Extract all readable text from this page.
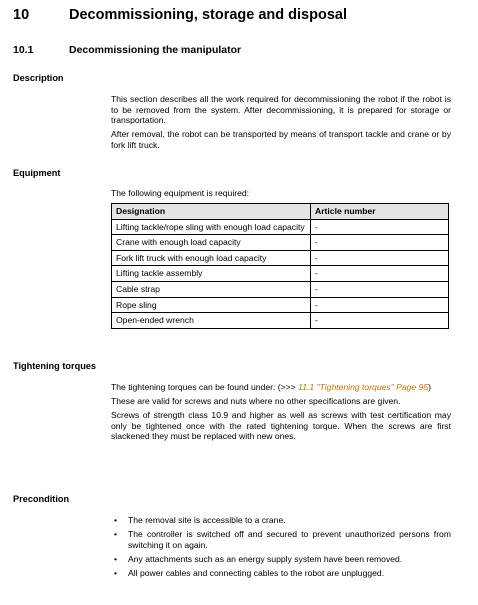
10	Decommissioning, storage and disposal
10.1	Decommissioning the manipulator
Description

This section describes all the work required for decommissioning the robot if the robot is to be removed from the system. After decommissioning, it is prepared for storage or transportation.

After removal, the robot can be transported by means of transport tackle and crane or by fork lift truck.

Equipment
The following equipment is required:
Designation	Article number
Lifting tackle/rope sling with enough load capacity	-
Crane with enough load capacity	-
Fork lift truck with enough load capacity	-
Lifting tackle assembly	-
Cable strap	-
Rope sling	-
Open-ended wrench	-
Tightening torques

The tightening torques can be found under: (>>> 11.1 "Tightening torques" Page 95)

These are valid for screws and nuts where no other specifications are given.

Screws of strength class 10.9 and higher as well as screws with test certification may only be tightened once with the rated tightening torque. When the screws are first slackened they must be replaced with new ones.

Precondition
• The removal site is accessible to a crane.
• The controller is switched off and secured to prevent unauthorized persons from switching it on again.
• Any attachments such as an energy supply system have been removed.
• All power cables and connecting cables to the robot are unplugged.
